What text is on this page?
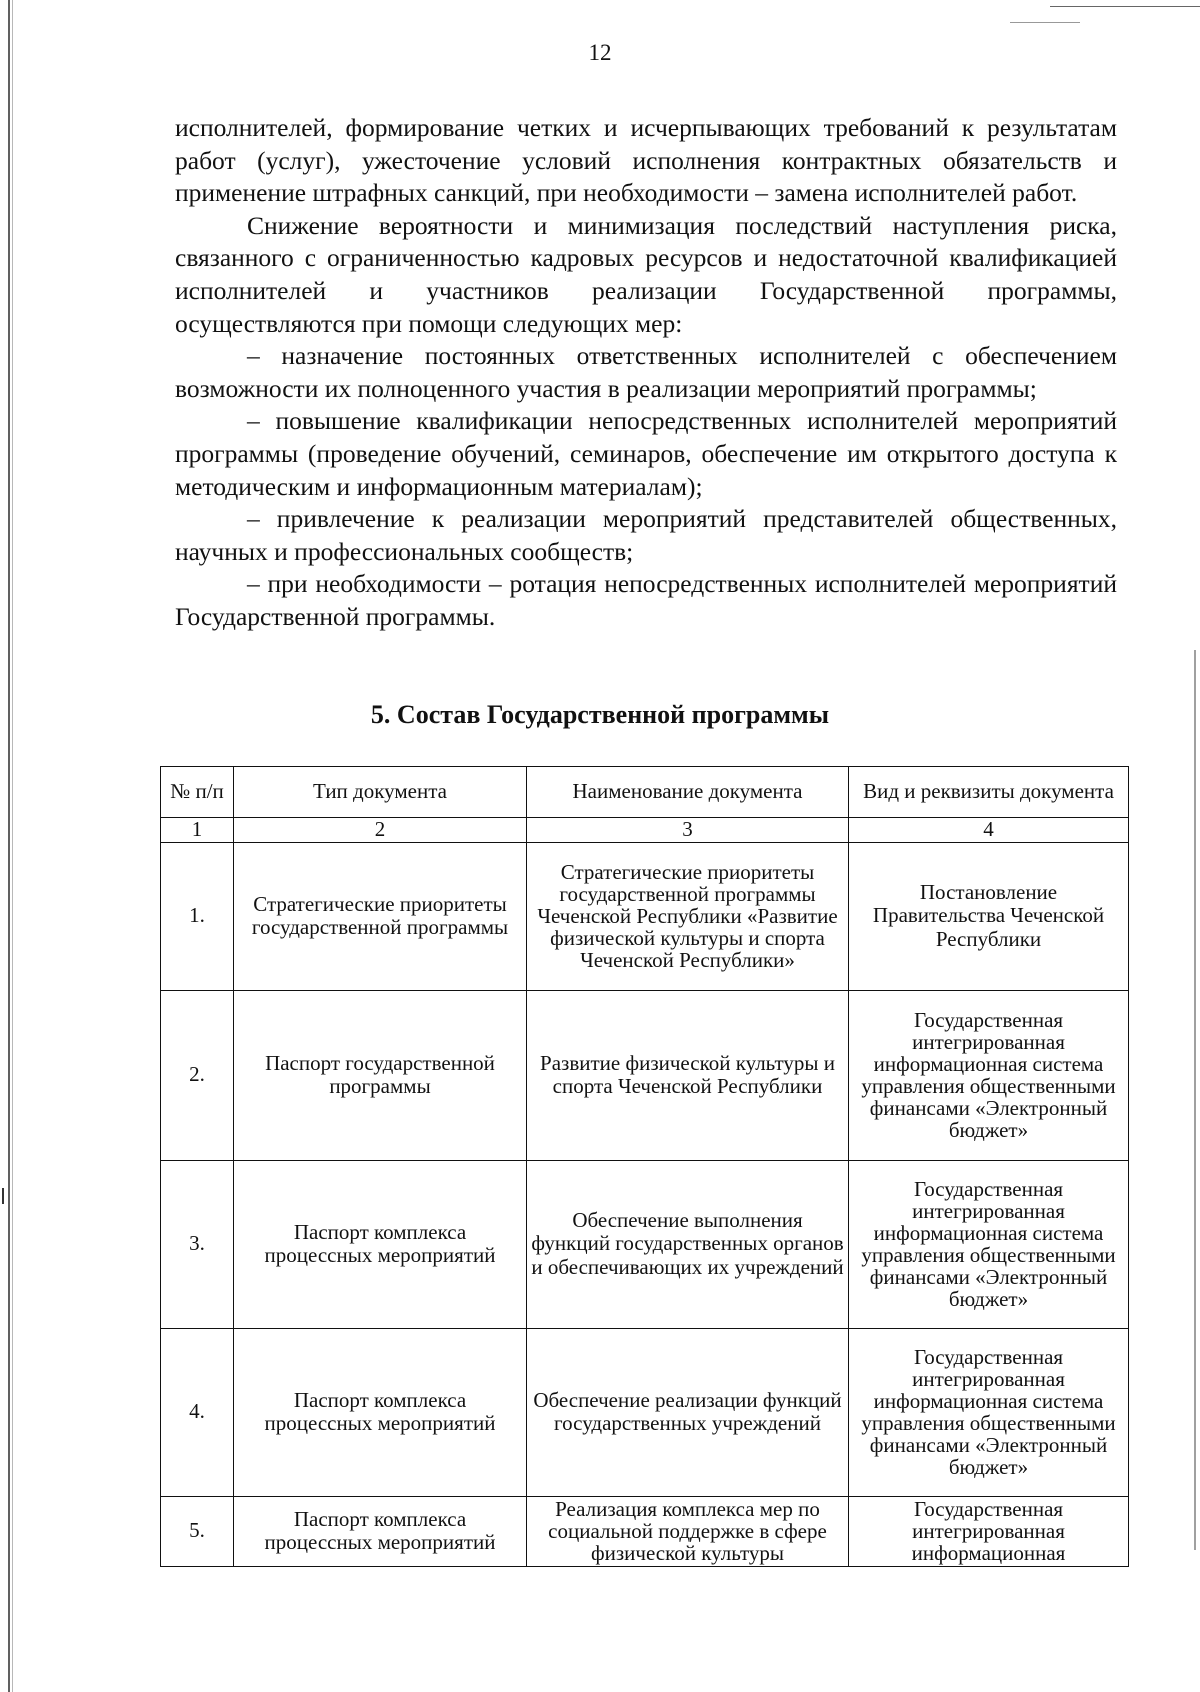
12

исполнителей, формирование четких и исчерпывающих требований к результатам работ (услуг), ужесточение условий исполнения контрактных обязательств и применение штрафных санкций, при необходимости – замена исполнителей работ.

Снижение вероятности и минимизация последствий наступления риска, связанного с ограниченностью кадровых ресурсов и недостаточной квалификацией исполнителей и участников реализации Государственной программы, осуществляются при помощи следующих мер:

– назначение постоянных ответственных исполнителей с обеспечением возможности их полноценного участия в реализации мероприятий программы;

– повышение квалификации непосредственных исполнителей мероприятий программы (проведение обучений, семинаров, обеспечение им открытого доступа к методическим и информационным материалам);

– привлечение к реализации мероприятий представителей общественных, научных и профессиональных сообществ;

– при необходимости – ротация непосредственных исполнителей мероприятий Государственной программы.

5. Состав Государственной программы
№ п/п	Тип документа	Наименование документа	Вид и реквизиты документа
1	2	3	4
1.	Стратегические приоритеты государственной программы	Стратегические приоритеты государственной программы Чеченской Республики «Развитие физической культуры и спорта Чеченской Республики»	Постановление Правительства Чеченской Республики
2.	Паспорт государственной программы	Развитие физической культуры и спорта Чеченской Республики	Государственная интегрированная информационная система управления общественными финансами «Электронный бюджет»
3.	Паспорт комплекса процессных мероприятий	Обеспечение выполнения функций государственных органов и обеспечивающих их учреждений	Государственная интегрированная информационная система управления общественными финансами «Электронный бюджет»
4.	Паспорт комплекса процессных мероприятий	Обеспечение реализации функций государственных учреждений	Государственная интегрированная информационная система управления общественными финансами «Электронный бюджет»
5.	Паспорт комплекса процессных мероприятий	Реализация комплекса мер по социальной поддержке в сфере физической культуры	Государственная интегрированная информационная
